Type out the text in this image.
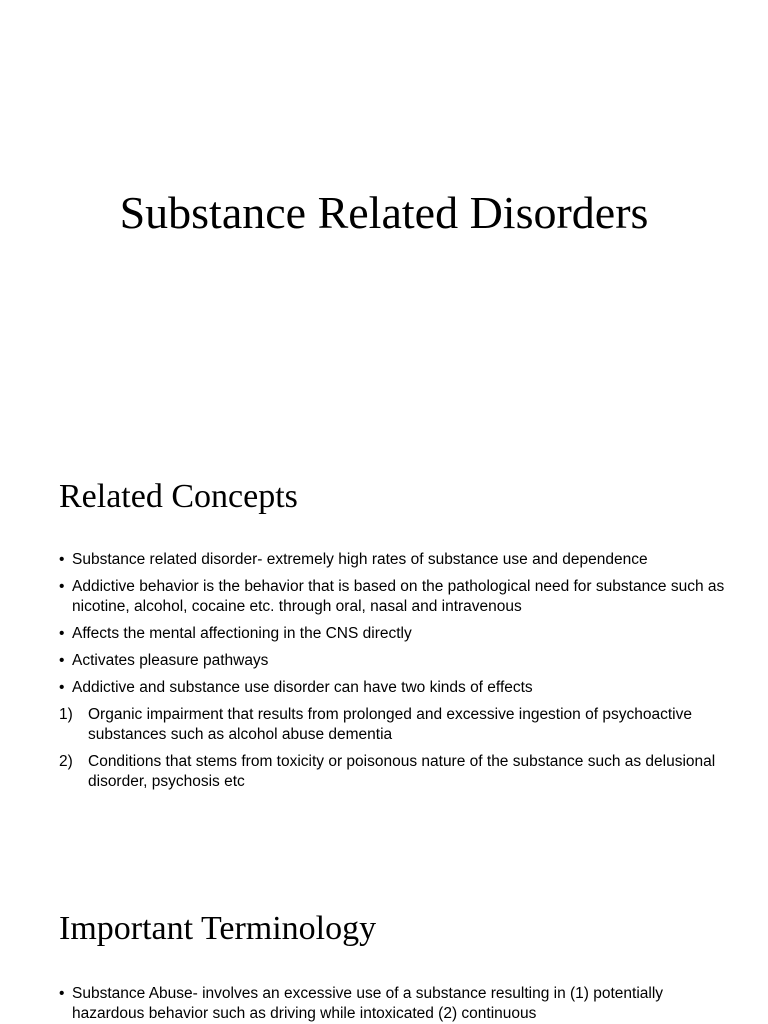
Substance Related Disorders
Related Concepts
• Substance related disorder- extremely high rates of substance use and dependence
• Addictive behavior is the behavior that is based on the pathological need for substance such as nicotine, alcohol, cocaine etc. through oral, nasal and intravenous
• Affects the mental affectioning in the CNS directly
• Activates pleasure pathways
• Addictive and substance use disorder can have two kinds of effects
1) Organic impairment that results from prolonged and excessive ingestion of psychoactive substances such as alcohol abuse dementia
2) Conditions that stems from toxicity or poisonous nature of the substance such as delusional disorder, psychosis etc
Important Terminology
• Substance Abuse- involves an excessive use of a substance resulting in (1) potentially hazardous behavior such as driving while intoxicated (2) continuous
